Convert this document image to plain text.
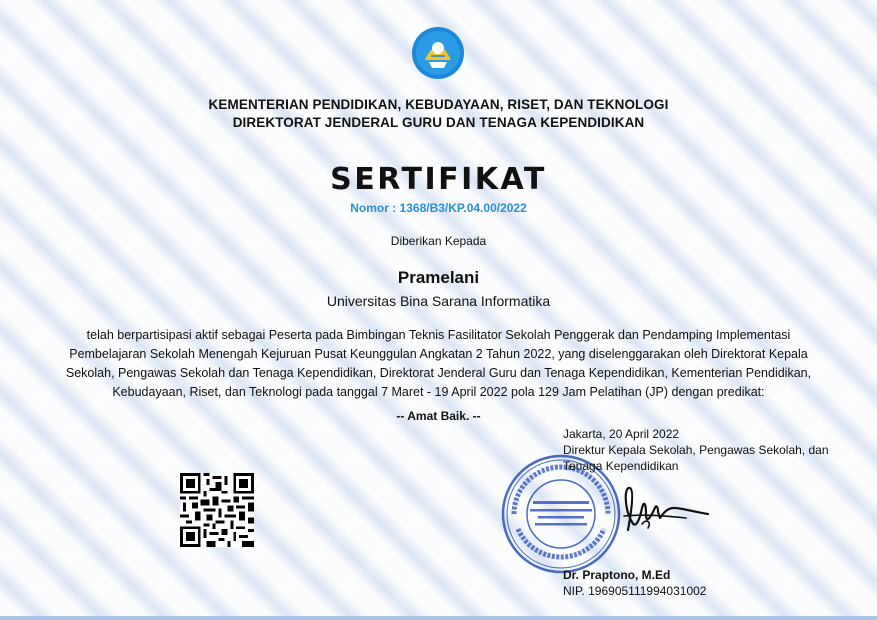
KEMENTERIAN PENDIDIKAN, KEBUDAYAAN, RISET, DAN TEKNOLOGI
DIREKTORAT JENDERAL GURU DAN TENAGA KEPENDIDIKAN
SERTIFIKAT
Nomor : 1368/B3/KP.04.00/2022
Diberikan Kepada
Pramelani
Universitas Bina Sarana Informatika
telah berpartisipasi aktif sebagai Peserta pada Bimbingan Teknis Fasilitator Sekolah Penggerak dan Pendamping Implementasi
Pembelajaran Sekolah Menengah Kejuruan Pusat Keunggulan Angkatan 2 Tahun 2022, yang diselenggarakan oleh Direktorat Kepala
Sekolah, Pengawas Sekolah dan Tenaga Kependidikan, Direktorat Jenderal Guru dan Tenaga Kependidikan, Kementerian Pendidikan,
Kebudayaan, Riset, dan Teknologi pada tanggal 7 Maret - 19 April 2022 pola 129 Jam Pelatihan (JP) dengan predikat:
-- Amat Baik. --
Jakarta, 20 April 2022
Direktur Kepala Sekolah, Pengawas Sekolah, dan
Tenaga Kependidikan
Dr. Praptono, M.Ed
NIP. 196905111994031002
